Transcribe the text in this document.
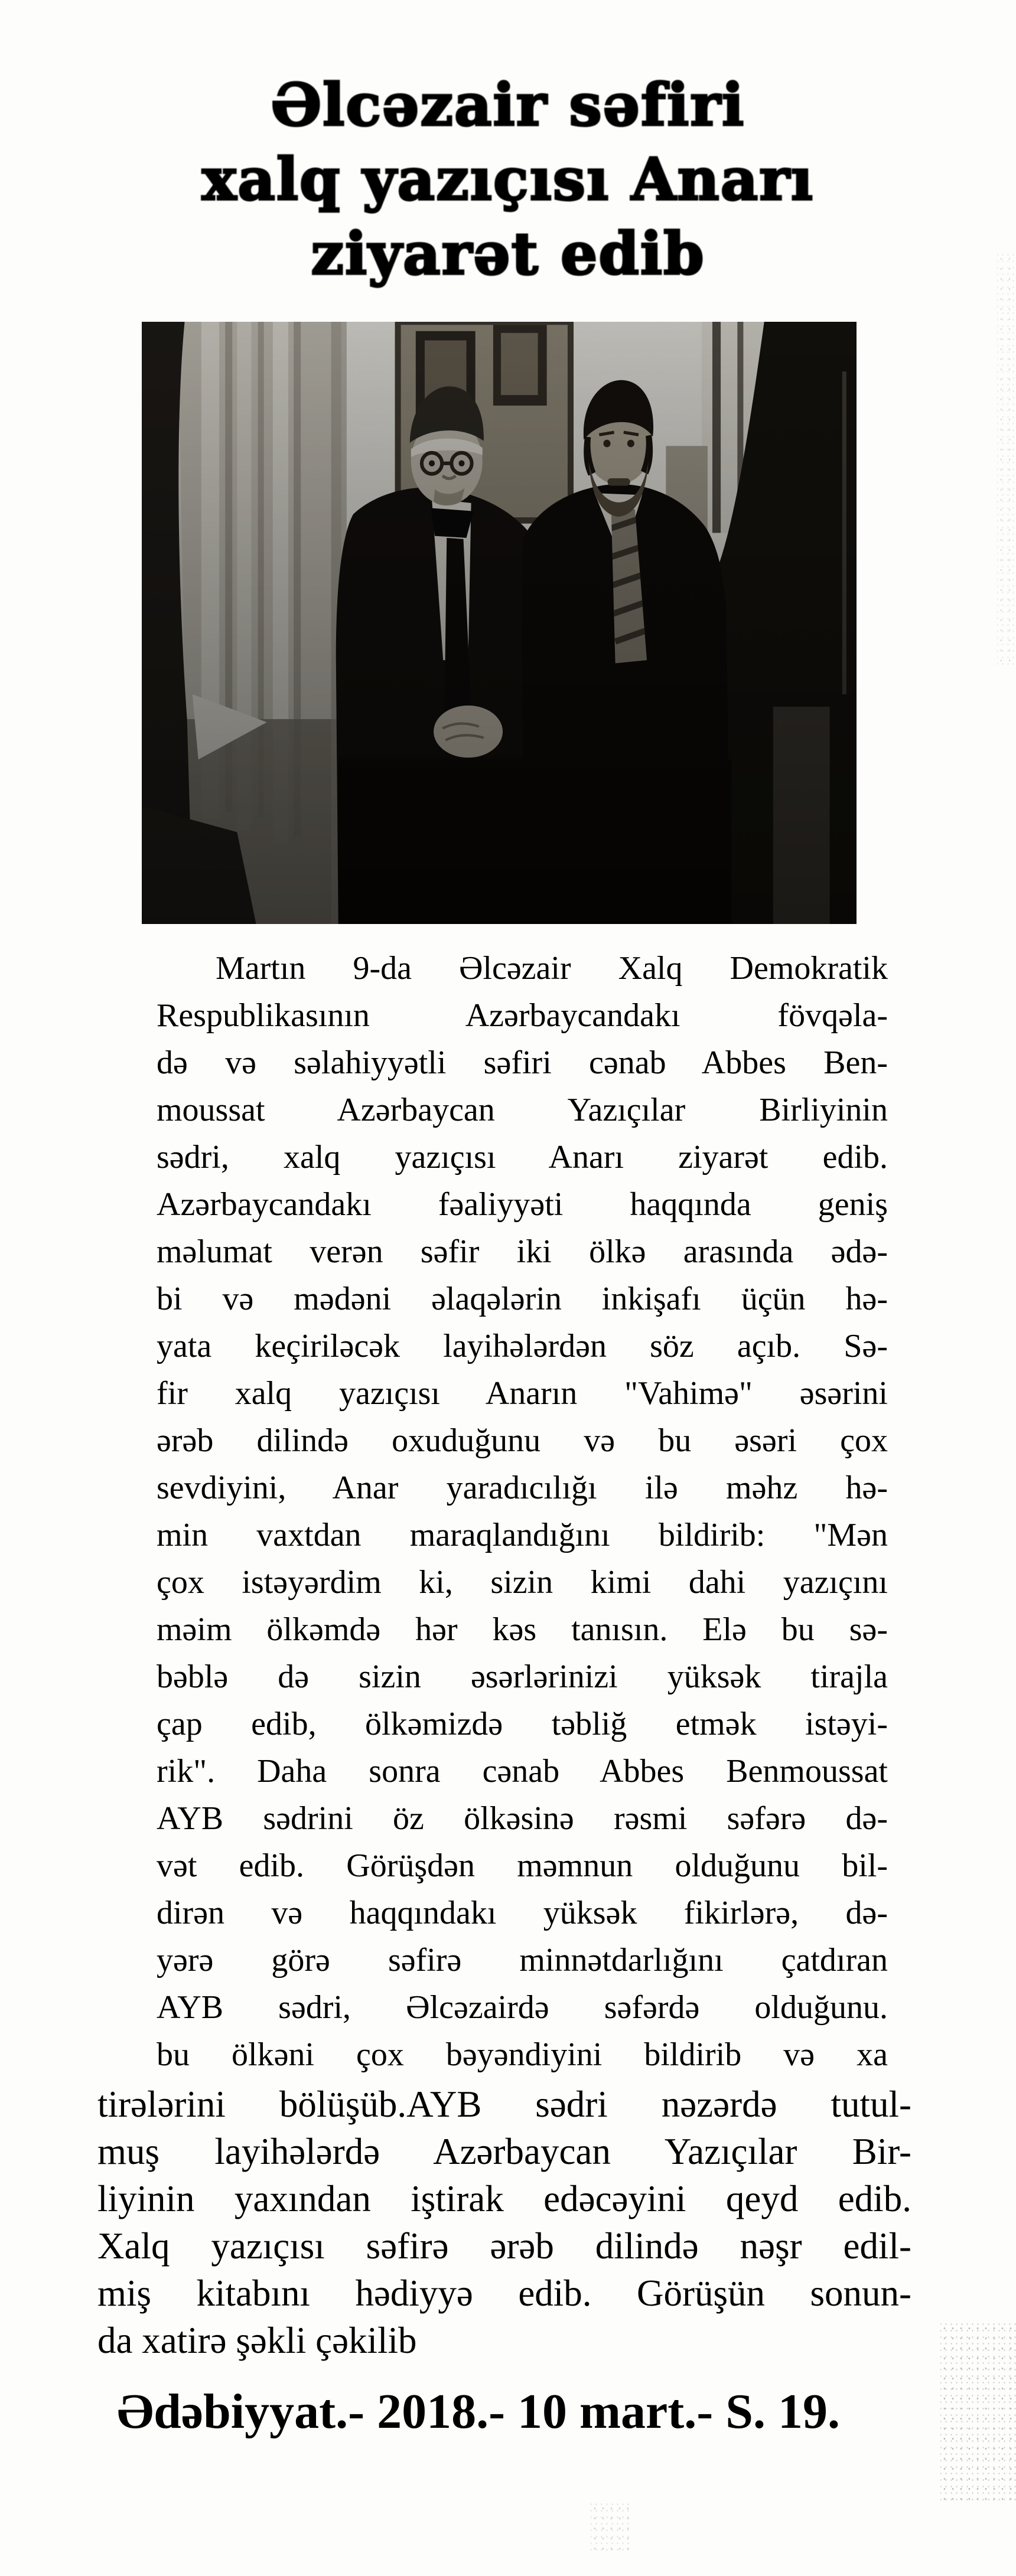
Əlcəzair səfiri
xalq yazıçısı Anarı
ziyarət edib
Martın 9-da Əlcəzair Xalq Demokratik
Respublikasının Azərbaycandakı fövqəla-
də və səlahiyyətli səfiri cənab Abbes Ben-
moussat Azərbaycan Yazıçılar Birliyinin
sədri, xalq yazıçısı Anarı ziyarət edib.
Azərbaycandakı fəaliyyəti haqqında geniş
məlumat verən səfir iki ölkə arasında ədə-
bi və mədəni əlaqələrin inkişafı üçün hə-
yata keçiriləcək layihələrdən söz açıb. Sə-
fir xalq yazıçısı Anarın "Vahimə" əsərini
ərəb dilində oxuduğunu və bu əsəri çox
sevdiyini, Anar yaradıcılığı ilə məhz hə-
min vaxtdan maraqlandığını bildirib: "Mən
çox istəyərdim ki, sizin kimi dahi yazıçını
məim ölkəmdə hər kəs tanısın. Elə bu sə-
bəblə də sizin əsərlərinizi yüksək tirajla
çap edib, ölkəmizdə təbliğ etmək istəyi-
rik". Daha sonra cənab Abbes Benmoussat
AYB sədrini öz ölkəsinə rəsmi səfərə də-
vət edib. Görüşdən məmnun olduğunu bil-
dirən və haqqındakı yüksək fikirlərə, də-
yərə görə səfirə minnətdarlığını çatdıran
AYB sədri, Əlcəzairdə səfərdə olduğunu.
bu ölkəni çox bəyəndiyini bildirib və xa
tirələrini bölüşüb.AYB sədri nəzərdə tutul-
muş layihələrdə Azərbaycan Yazıçılar Bir-
liyinin yaxından iştirak edəcəyini qeyd edib.
Xalq yazıçısı səfirə ərəb dilində nəşr edil-
miş kitabını hədiyyə edib. Görüşün sonun-
da xatirə şəkli çəkilib
Ədəbiyyat.- 2018.- 10 mart.- S. 19.
